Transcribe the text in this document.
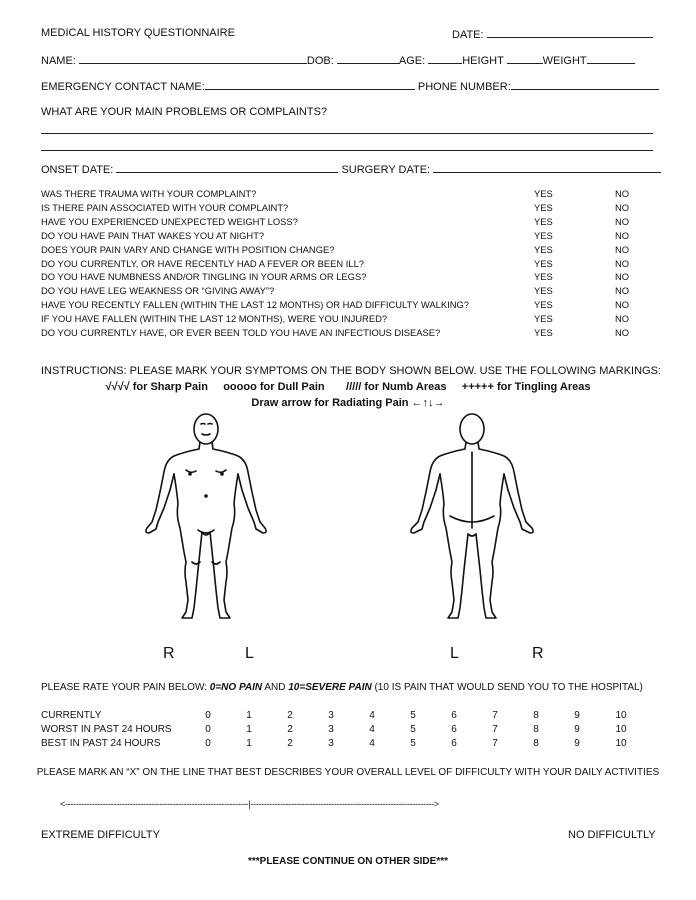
MEDICAL HISTORY QUESTIONNAIRE	DATE:
NAME:	DOB:	AGE:	HEIGHT	WEIGHT
EMERGENCY CONTACT NAME:	PHONE NUMBER:
WHAT ARE YOUR MAIN PROBLEMS OR COMPLAINTS?
ONSET DATE:	SURGERY DATE:
WAS THERE TRAUMA WITH YOUR COMPLAINT?	YES	NO
IS THERE PAIN ASSOCIATED WITH YOUR COMPLAINT?	YES	NO
HAVE YOU EXPERIENCED UNEXPECTED WEIGHT LOSS?	YES	NO
DO YOU HAVE PAIN THAT WAKES YOU AT NIGHT?	YES	NO
DOES YOUR PAIN VARY AND CHANGE WITH POSITION CHANGE?	YES	NO
DO YOU CURRENTLY, OR HAVE RECENTLY HAD A FEVER OR BEEN ILL?	YES	NO
DO YOU HAVE NUMBNESS AND/OR TINGLING IN YOUR ARMS OR LEGS?	YES	NO
DO YOU HAVE LEG WEAKNESS OR “GIVING AWAY”?	YES	NO
HAVE YOU RECENTLY FALLEN (WITHIN THE LAST 12 MONTHS) OR HAD DIFFICULTY WALKING?	YES	NO
IF YOU HAVE FALLEN (WITHIN THE LAST 12 MONTHS), WERE YOU INJURED?	YES	NO
DO YOU CURRENTLY HAVE, OR EVER BEEN TOLD YOU HAVE AN INFECTIOUS DISEASE?	YES	NO
INSTRUCTIONS: PLEASE MARK YOUR SYMPTOMS ON THE BODY SHOWN BELOW. USE THE FOLLOWING MARKINGS:
√√√√ for Sharp Pain ooooo for Dull Pain ///// for Numb Areas +++++ for Tingling Areas
Draw arrow for Radiating Pain ←↑↓→
R	L	L	R
PLEASE RATE YOUR PAIN BELOW: 0=NO PAIN AND 10=SEVERE PAIN (10 IS PAIN THAT WOULD SEND YOU TO THE HOSPITAL)
CURRENTLY	0	1	2	3	4	5	6	7	8	9	10
WORST IN PAST 24 HOURS	0	1	2	3	4	5	6	7	8	9	10
BEST IN PAST 24 HOURS	0	1	2	3	4	5	6	7	8	9	10
PLEASE MARK AN “X” ON THE LINE THAT BEST DESCRIBES YOUR OVERALL LEVEL OF DIFFICULTY WITH YOUR DAILY ACTIVITIES
<--------------------------------------------------------------------|-------------------------------------------------------------------->
EXTREME DIFFICULTY	NO DIFFICULTLY
***PLEASE CONTINUE ON OTHER SIDE***
